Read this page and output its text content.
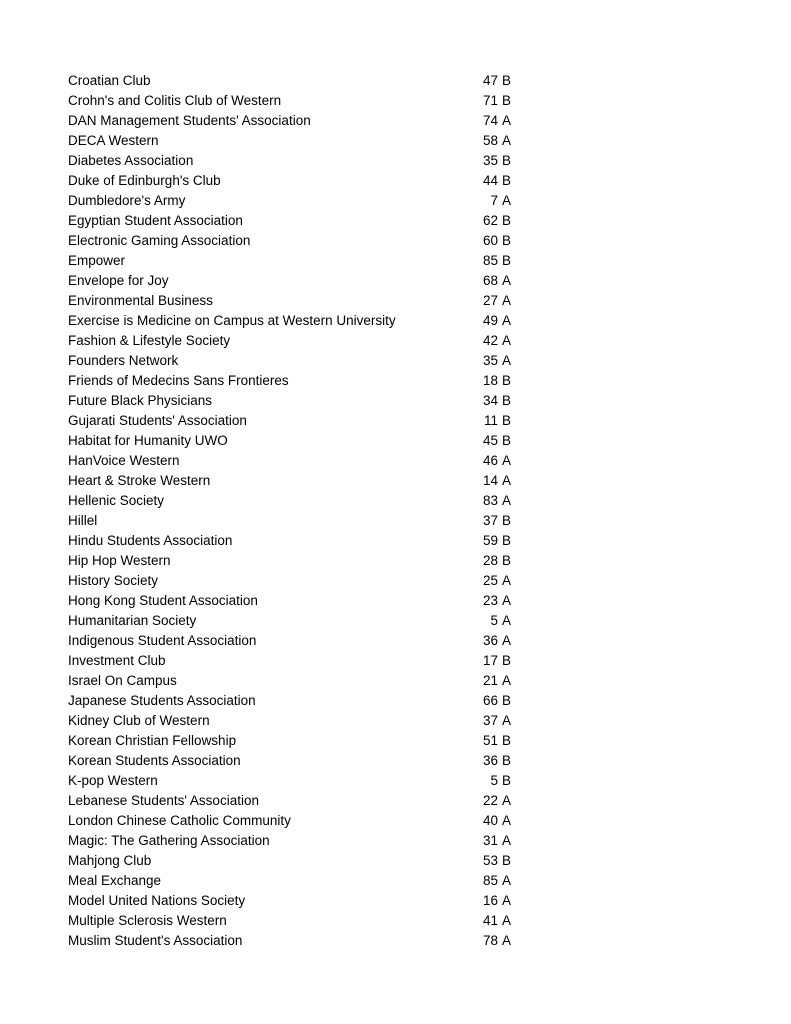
Croatian Club	47 B
Crohn's and Colitis Club of Western	71 B
DAN Management Students' Association	74 A
DECA Western	58 A
Diabetes Association	35 B
Duke of Edinburgh's Club	44 B
Dumbledore's Army	7 A
Egyptian Student Association	62 B
Electronic Gaming Association	60 B
Empower	85 B
Envelope for Joy	68 A
Environmental Business	27 A
Exercise is Medicine on Campus at Western University	49 A
Fashion & Lifestyle Society	42 A
Founders Network	35 A
Friends of Medecins Sans Frontieres	18 B
Future Black Physicians	34 B
Gujarati Students' Association	11 B
Habitat for Humanity UWO	45 B
HanVoice Western	46 A
Heart & Stroke Western	14 A
Hellenic Society	83 A
Hillel	37 B
Hindu Students Association	59 B
Hip Hop Western	28 B
History Society	25 A
Hong Kong Student Association	23 A
Humanitarian Society	5 A
Indigenous Student Association	36 A
Investment Club	17 B
Israel On Campus	21 A
Japanese Students Association	66 B
Kidney Club of Western	37 A
Korean Christian Fellowship	51 B
Korean Students Association	36 B
K-pop Western	5 B
Lebanese Students' Association	22 A
London Chinese Catholic Community	40 A
Magic: The Gathering Association	31 A
Mahjong Club	53 B
Meal Exchange	85 A
Model United Nations Society	16 A
Multiple Sclerosis Western	41 A
Muslim Student's Association	78 A
